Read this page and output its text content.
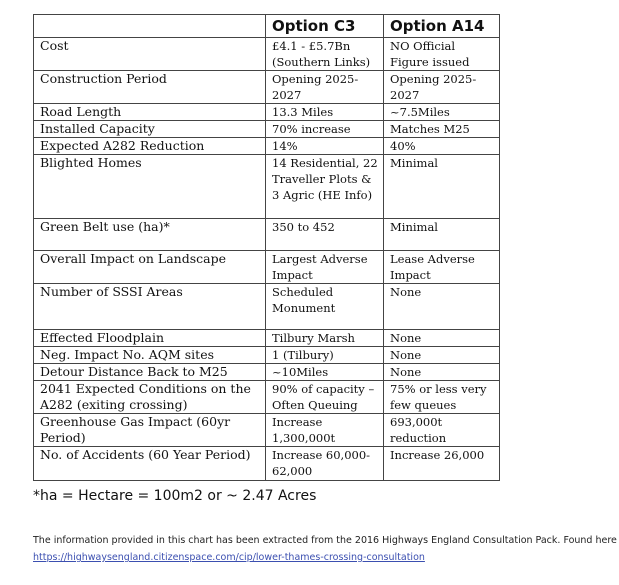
	Option C3	Option A14
Cost	£4.1 - £5.7Bn (Southern Links)	NO Official Figure issued
Construction Period	Opening 2025-2027	Opening 2025-2027
Road Length	13.3 Miles	~7.5Miles
Installed Capacity	70% increase	Matches M25
Expected A282 Reduction	14%	40%
Blighted Homes	14 Residential, 22 Traveller Plots & 3 Agric (HE Info)	Minimal
Green Belt use (ha)*	350 to 452	Minimal
Overall Impact on Landscape	Largest Adverse Impact	Lease Adverse Impact
Number of SSSI Areas	Scheduled Monument	None
Effected Floodplain	Tilbury Marsh	None
Neg. Impact No. AQM sites	1 (Tilbury)	None
Detour Distance Back to M25	~10Miles	None
2041 Expected Conditions on the A282 (exiting crossing)	90% of capacity – Often Queuing	75% or less very few queues
Greenhouse Gas Impact (60yr Period)	Increase 1,300,000t	693,000t reduction
No. of Accidents (60 Year Period)	Increase 60,000-62,000	Increase 26,000
*ha = Hectare = 100m2 or ~ 2.47 Acres
The information provided in this chart has been extracted from the 2016 Highways England Consultation Pack. Found here
https://highwaysengland.citizenspace.com/cip/lower-thames-crossing-consultation
